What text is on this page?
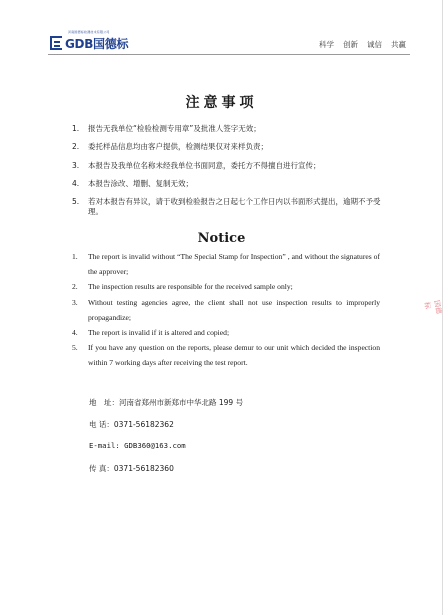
河南国德标检测技术有限公司
GDB国德标	科学 创新 诚信 共赢
注意事项
1.	报告无我单位“检验检测专用章”及批准人签字无效；
2.	委托样品信息均由客户提供，检测结果仅对来样负责；
3.	本报告及我单位名称未经我单位书面同意，委托方不得擅自进行宣传；
4.	本报告涂改、增删、复制无效；
5.	若对本报告有异议，请于收到检验报告之日起七个工作日内以书面形式提出，逾期不予受理。
Notice
1.	The report is invalid without “The Special Stamp for Inspection” , and without the signatures of the approver;
2.	The inspection results are responsible for the received sample only;
3.	Without testing agencies agree, the client shall not use inspection results to improperly propagandize;
4.	The report is invalid if it is altered and copied;
5.	If you have any question on the reports, please demur to our unit which decided the inspection within 7 working days after receiving the test report.
地　址：河南省郑州市新郑市中华北路 199 号
电 话：0371-56182362
E-mail: GDB360@163.com
传 真：0371-56182360
国德标
